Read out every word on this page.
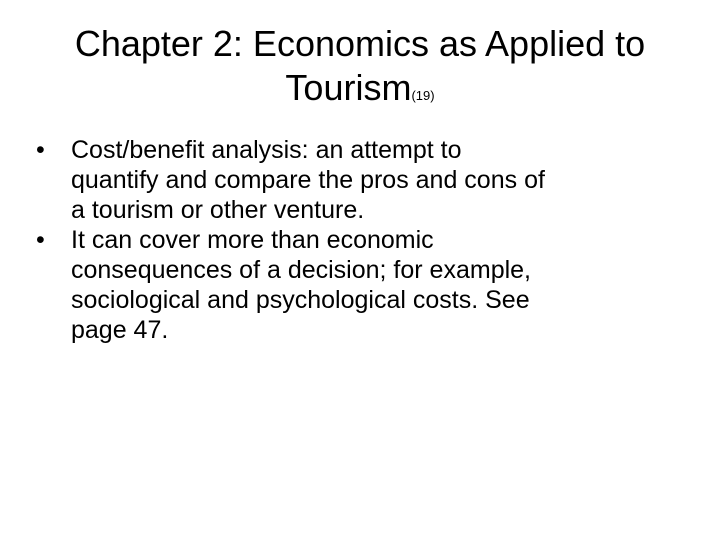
Chapter 2: Economics as Applied to
Tourism(19)
•	Cost/benefit analysis: an attempt to
quantify and compare the pros and cons of
a tourism or other venture.
•	It can cover more than economic
consequences of a decision; for example,
sociological and psychological costs. See
page 47.
